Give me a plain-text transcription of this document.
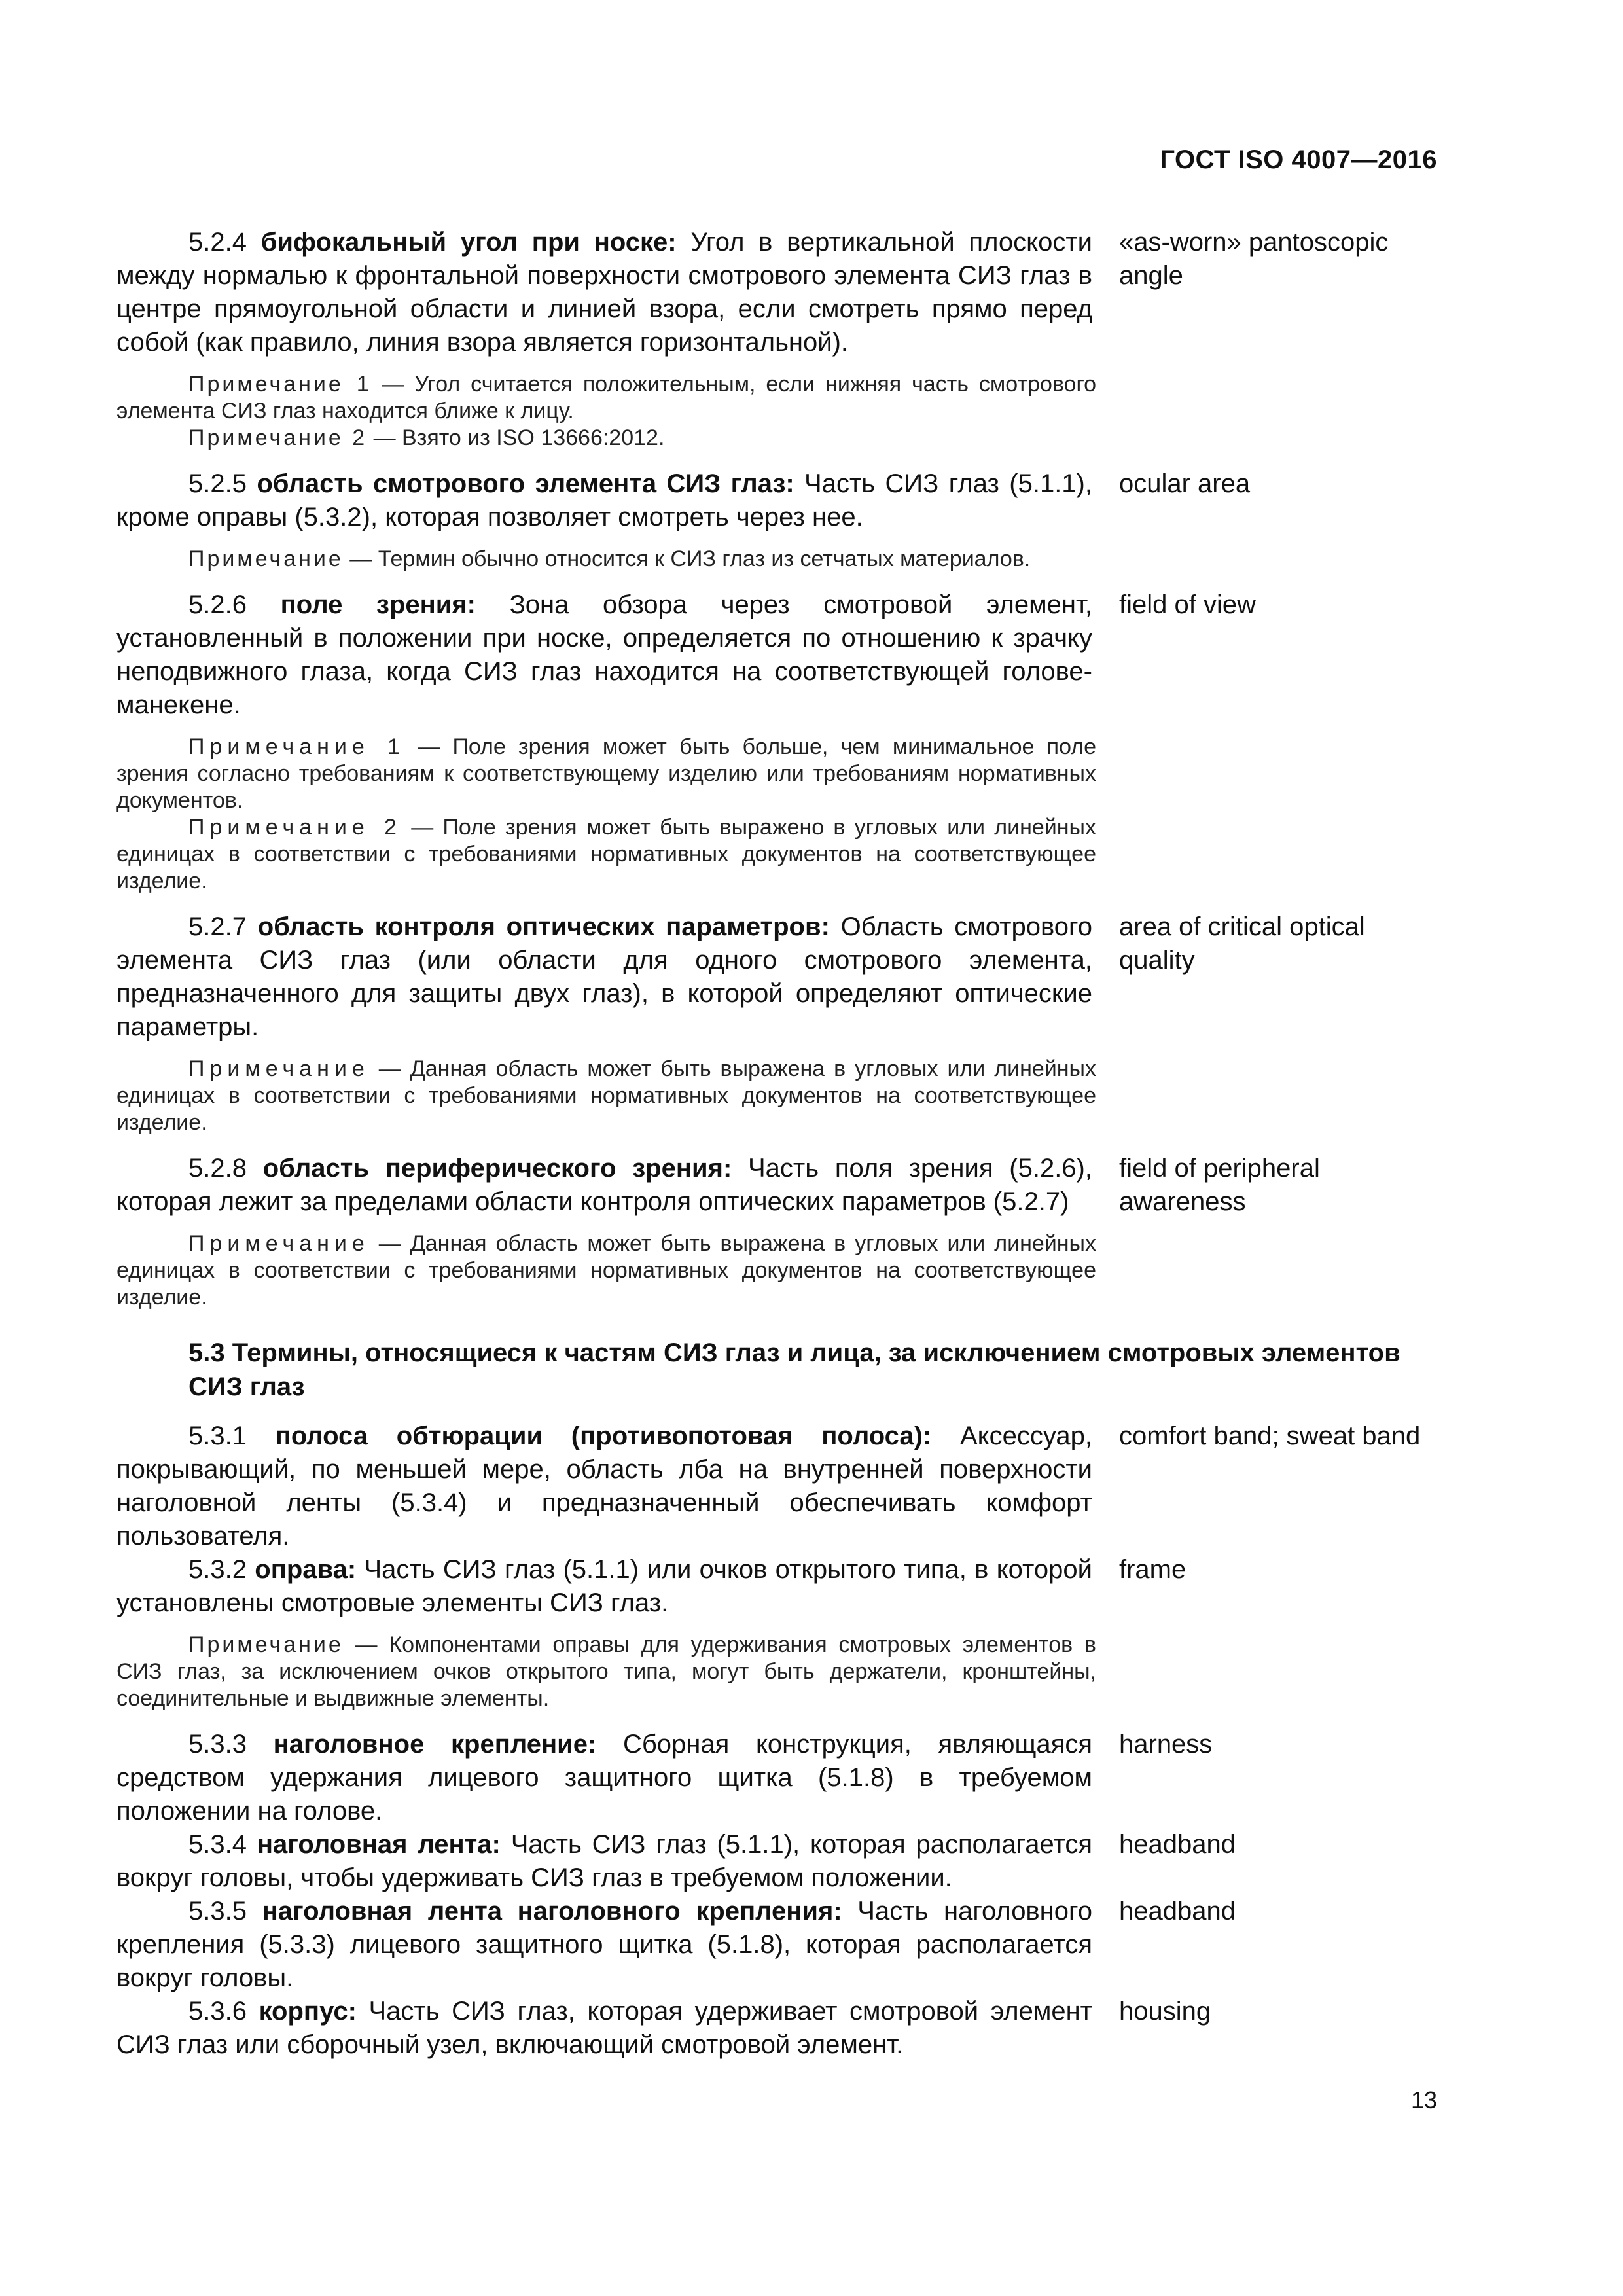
ГОСТ ISO 4007—2016
5.2.4 бифокальный угол при носке: Угол в вертикальной плоскости между нормалью к фронтальной поверхности смотрового элемента СИЗ глаз в центре прямоугольной области и линией взора, если смотреть прямо перед собой (как правило, линия взора является горизонтальной).
«as-worn» pantoscopic angle
Примечание 1 — Угол считается положительным, если нижняя часть смотрового элемента СИЗ глаз находится ближе к лицу.
Примечание 2 — Взято из ISO 13666:2012.
5.2.5 область смотрового элемента СИЗ глаз: Часть СИЗ глаз (5.1.1), кроме оправы (5.3.2), которая позволяет смотреть через нее.
ocular area
Примечание — Термин обычно относится к СИЗ глаз из сетчатых материалов.
5.2.6 поле зрения: Зона обзора через смотровой элемент, установленный в положении при носке, определяется по отношению к зрачку неподвижного глаза, когда СИЗ глаз находится на соответствующей голове-манекене.
field of view
Примечание 1 — Поле зрения может быть больше, чем минимальное поле зрения согласно требованиям к соответствующему изделию или требованиям нормативных документов.
Примечание 2 — Поле зрения может быть выражено в угловых или линейных единицах в соответствии с требованиями нормативных документов на соответствующее изделие.
5.2.7 область контроля оптических параметров: Область смотрового элемента СИЗ глаз (или области для одного смотрового элемента, предназначенного для защиты двух глаз), в которой определяют оптические параметры.
area of critical optical quality
Примечание — Данная область может быть выражена в угловых или линейных единицах в соответствии с требованиями нормативных документов на соответствующее изделие.
5.2.8 область периферического зрения: Часть поля зрения (5.2.6), которая лежит за пределами области контроля оптических параметров (5.2.7)
field of peripheral awareness
Примечание — Данная область может быть выражена в угловых или линейных единицах в соответствии с требованиями нормативных документов на соответствующее изделие.
5.3 Термины, относящиеся к частям СИЗ глаз и лица, за исключением смотровых элементов СИЗ глаз
5.3.1 полоса обтюрации (противопотовая полоса): Аксессуар, покрывающий, по меньшей мере, область лба на внутренней поверхности наголовной ленты (5.3.4) и предназначенный обеспечивать комфорт пользователя.
comfort band; sweat band
5.3.2 оправа: Часть СИЗ глаз (5.1.1) или очков открытого типа, в которой установлены смотровые элементы СИЗ глаз.
frame
Примечание — Компонентами оправы для удерживания смотровых элементов в СИЗ глаз, за исключением очков открытого типа, могут быть держатели, кронштейны, соединительные и выдвижные элементы.
5.3.3 наголовное крепление: Сборная конструкция, являющаяся средством удержания лицевого защитного щитка (5.1.8) в требуемом положении на голове.
harness
5.3.4 наголовная лента: Часть СИЗ глаз (5.1.1), которая располагается вокруг головы, чтобы удерживать СИЗ глаз в требуемом положении.
headband
5.3.5 наголовная лента наголовного крепления: Часть наголовного крепления (5.3.3) лицевого защитного щитка (5.1.8), которая располагается вокруг головы.
headband
5.3.6 корпус: Часть СИЗ глаз, которая удерживает смотровой элемент СИЗ глаз или сборочный узел, включающий смотровой элемент.
housing
13
